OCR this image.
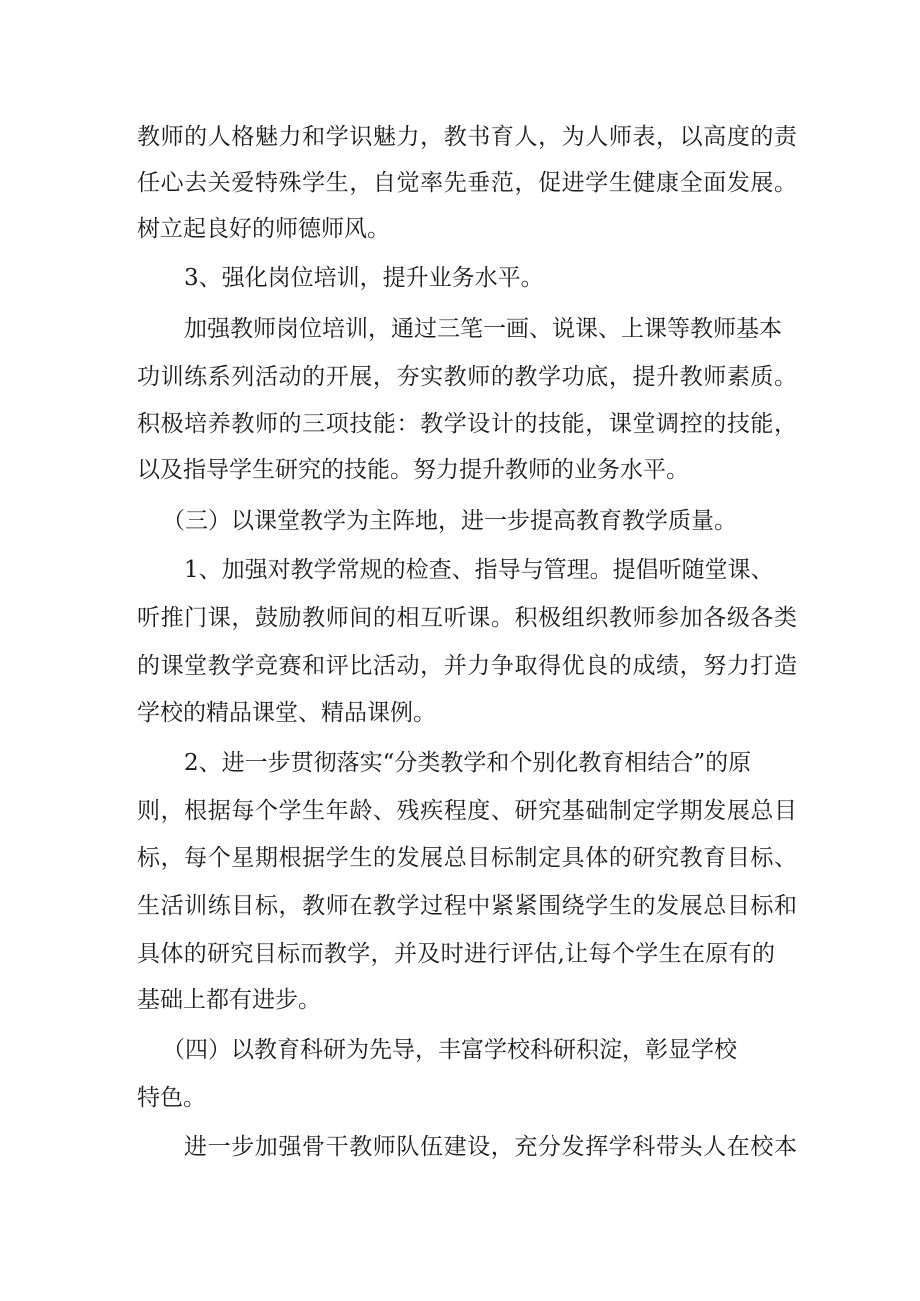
教师的人格魅力和学识魅力，教书育人，为人师表，以高度的责
任心去关爱特殊学生，自觉率先垂范，促进学生健康全面发展。
树立起良好的师德师风。
3、强化岗位培训，提升业务水平。
加强教师岗位培训，通过三笔一画、说课、上课等教师基本
功训练系列活动的开展，夯实教师的教学功底，提升教师素质。
积极培养教师的三项技能：教学设计的技能，课堂调控的技能，
以及指导学生研究的技能。努力提升教师的业务水平。
（三）以课堂教学为主阵地，进一步提高教育教学质量。
1、加强对教学常规的检查、指导与管理。提倡听随堂课、
听推门课，鼓励教师间的相互听课。积极组织教师参加各级各类
的课堂教学竞赛和评比活动，并力争取得优良的成绩，努力打造
学校的精品课堂、精品课例。
2、进一步贯彻落实“分类教学和个别化教育相结合”的原
则，根据每个学生年龄、残疾程度、研究基础制定学期发展总目
标，每个星期根据学生的发展总目标制定具体的研究教育目标、
生活训练目标，教师在教学过程中紧紧围绕学生的发展总目标和
具体的研究目标而教学，并及时进行评估,让每个学生在原有的
基础上都有进步。
（四）以教育科研为先导，丰富学校科研积淀，彰显学校
特色。
进一步加强骨干教师队伍建设，充分发挥学科带头人在校本
